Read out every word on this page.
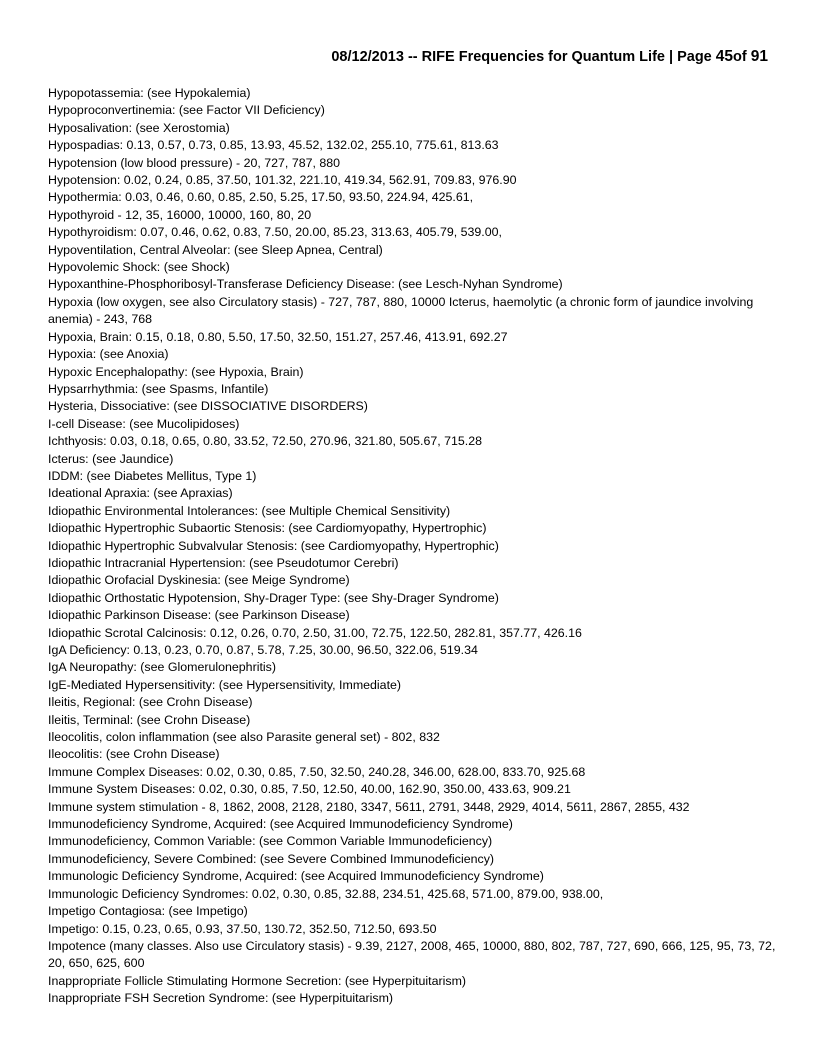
08/12/2013 -- RIFE Frequencies for Quantum Life | Page 45of 91
Hypopotassemia: (see Hypokalemia)
Hypoproconvertinemia: (see Factor VII Deficiency)
Hyposalivation: (see Xerostomia)
Hypospadias: 0.13, 0.57, 0.73, 0.85, 13.93, 45.52, 132.02, 255.10, 775.61, 813.63
Hypotension (low blood pressure) - 20, 727, 787, 880
Hypotension: 0.02, 0.24, 0.85, 37.50, 101.32, 221.10, 419.34, 562.91, 709.83, 976.90
Hypothermia: 0.03, 0.46, 0.60, 0.85, 2.50, 5.25, 17.50, 93.50, 224.94, 425.61,
Hypothyroid - 12, 35, 16000, 10000, 160, 80, 20
Hypothyroidism: 0.07, 0.46, 0.62, 0.83, 7.50, 20.00, 85.23, 313.63, 405.79, 539.00,
Hypoventilation, Central Alveolar: (see Sleep Apnea, Central)
Hypovolemic Shock: (see Shock)
Hypoxanthine-Phosphoribosyl-Transferase Deficiency Disease: (see Lesch-Nyhan Syndrome)
Hypoxia (low oxygen, see also Circulatory stasis) - 727, 787, 880, 10000 Icterus, haemolytic (a chronic form of jaundice involving anemia) - 243, 768
Hypoxia, Brain: 0.15, 0.18, 0.80, 5.50, 17.50, 32.50, 151.27, 257.46, 413.91, 692.27
Hypoxia: (see Anoxia)
Hypoxic Encephalopathy: (see Hypoxia, Brain)
Hypsarrhythmia: (see Spasms, Infantile)
Hysteria, Dissociative: (see DISSOCIATIVE DISORDERS)
I-cell Disease: (see Mucolipidoses)
Ichthyosis: 0.03, 0.18, 0.65, 0.80, 33.52, 72.50, 270.96, 321.80, 505.67, 715.28
Icterus: (see Jaundice)
IDDM: (see Diabetes Mellitus, Type 1)
Ideational Apraxia: (see Apraxias)
Idiopathic Environmental Intolerances: (see Multiple Chemical Sensitivity)
Idiopathic Hypertrophic Subaortic Stenosis: (see Cardiomyopathy, Hypertrophic)
Idiopathic Hypertrophic Subvalvular Stenosis: (see Cardiomyopathy, Hypertrophic)
Idiopathic Intracranial Hypertension: (see Pseudotumor Cerebri)
Idiopathic Orofacial Dyskinesia: (see Meige Syndrome)
Idiopathic Orthostatic Hypotension, Shy-Drager Type: (see Shy-Drager Syndrome)
Idiopathic Parkinson Disease: (see Parkinson Disease)
Idiopathic Scrotal Calcinosis: 0.12, 0.26, 0.70, 2.50, 31.00, 72.75, 122.50, 282.81, 357.77, 426.16
IgA Deficiency: 0.13, 0.23, 0.70, 0.87, 5.78, 7.25, 30.00, 96.50, 322.06, 519.34
IgA Neuropathy: (see Glomerulonephritis)
IgE-Mediated Hypersensitivity: (see Hypersensitivity, Immediate)
Ileitis, Regional: (see Crohn Disease)
Ileitis, Terminal: (see Crohn Disease)
Ileocolitis, colon inflammation (see also Parasite general set) - 802, 832
Ileocolitis: (see Crohn Disease)
Immune Complex Diseases: 0.02, 0.30, 0.85, 7.50, 32.50, 240.28, 346.00, 628.00, 833.70, 925.68
Immune System Diseases: 0.02, 0.30, 0.85, 7.50, 12.50, 40.00, 162.90, 350.00, 433.63, 909.21
Immune system stimulation - 8, 1862, 2008, 2128, 2180, 3347, 5611, 2791, 3448, 2929, 4014, 5611, 2867, 2855, 432
Immunodeficiency Syndrome, Acquired: (see Acquired Immunodeficiency Syndrome)
Immunodeficiency, Common Variable: (see Common Variable Immunodeficiency)
Immunodeficiency, Severe Combined: (see Severe Combined Immunodeficiency)
Immunologic Deficiency Syndrome, Acquired: (see Acquired Immunodeficiency Syndrome)
Immunologic Deficiency Syndromes: 0.02, 0.30, 0.85, 32.88, 234.51, 425.68, 571.00, 879.00, 938.00,
Impetigo Contagiosa: (see Impetigo)
Impetigo: 0.15, 0.23, 0.65, 0.93, 37.50, 130.72, 352.50, 712.50, 693.50
Impotence (many classes. Also use Circulatory stasis) - 9.39, 2127, 2008, 465, 10000, 880, 802, 787, 727, 690, 666, 125, 95, 73, 72, 20, 650, 625, 600
Inappropriate Follicle Stimulating Hormone Secretion: (see Hyperpituitarism)
Inappropriate FSH Secretion Syndrome: (see Hyperpituitarism)
